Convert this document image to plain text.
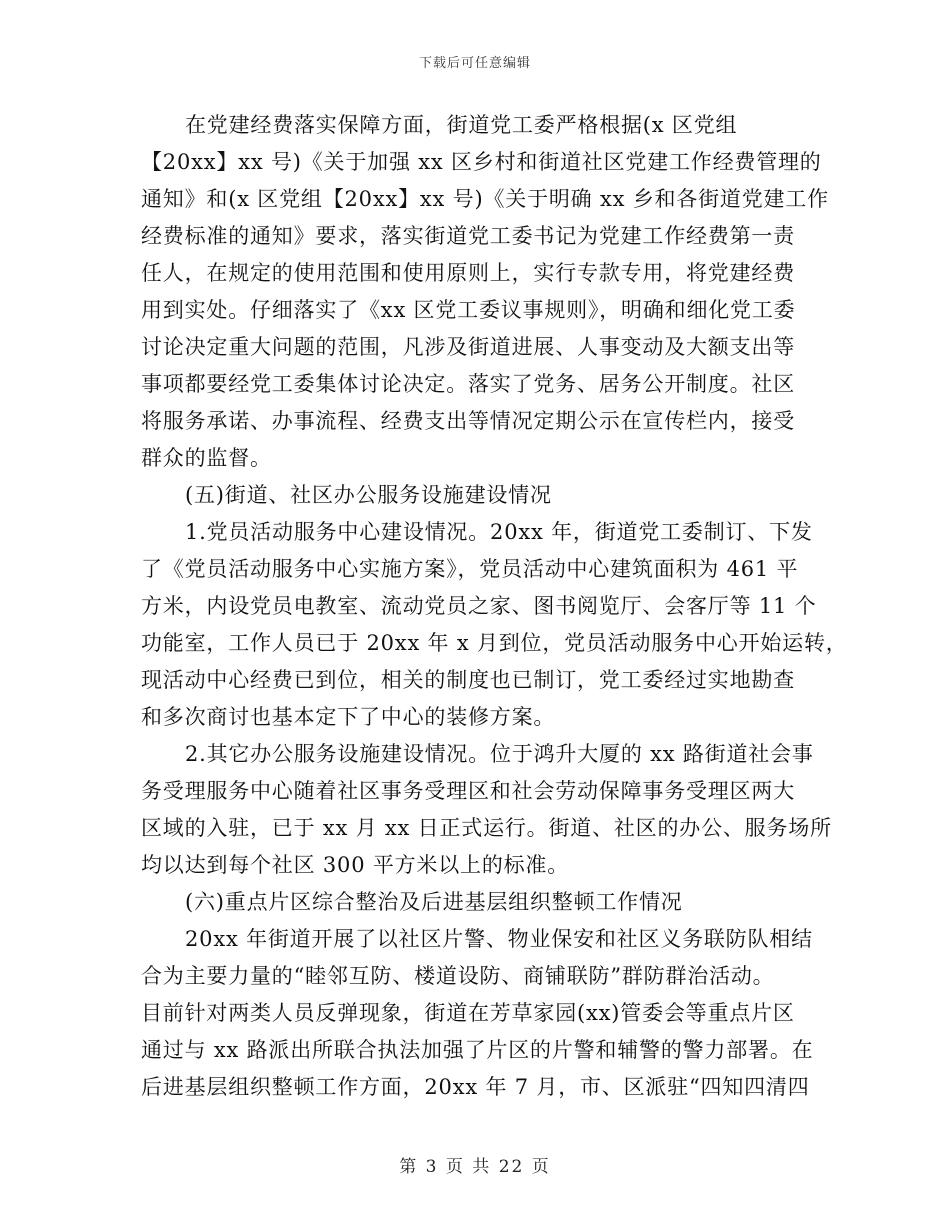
下载后可任意编辑
在党建经费落实保障方面，街道党工委严格根据(x 区党组
【20xx】xx 号)《关于加强 xx 区乡村和街道社区党建工作经费管理的
通知》和(x 区党组【20xx】xx 号)《关于明确 xx 乡和各街道党建工作
经费标准的通知》要求，落实街道党工委书记为党建工作经费第一责
任人，在规定的使用范围和使用原则上，实行专款专用，将党建经费
用到实处。仔细落实了《xx 区党工委议事规则》，明确和细化党工委
讨论决定重大问题的范围，凡涉及街道进展、人事变动及大额支出等
事项都要经党工委集体讨论决定。落实了党务、居务公开制度。社区
将服务承诺、办事流程、经费支出等情况定期公示在宣传栏内，接受
群众的监督。
(五)街道、社区办公服务设施建设情况
1.党员活动服务中心建设情况。20xx 年，街道党工委制订、下发
了《党员活动服务中心实施方案》，党员活动中心建筑面积为 461 平
方米，内设党员电教室、流动党员之家、图书阅览厅、会客厅等 11 个
功能室，工作人员已于 20xx 年 x 月到位，党员活动服务中心开始运转，
现活动中心经费已到位，相关的制度也已制订，党工委经过实地勘查
和多次商讨也基本定下了中心的装修方案。
2.其它办公服务设施建设情况。位于鸿升大厦的 xx 路街道社会事
务受理服务中心随着社区事务受理区和社会劳动保障事务受理区两大
区域的入驻，已于 xx 月 xx 日正式运行。街道、社区的办公、服务场所
均以达到每个社区 300 平方米以上的标准。
(六)重点片区综合整治及后进基层组织整顿工作情况
20xx 年街道开展了以社区片警、物业保安和社区义务联防队相结
合为主要力量的“睦邻互防、楼道设防、商铺联防”群防群治活动。
目前针对两类人员反弹现象，街道在芳草家园(xx)管委会等重点片区
通过与 xx 路派出所联合执法加强了片区的片警和辅警的警力部署。在
后进基层组织整顿工作方面，20xx 年 7 月，市、区派驻“四知四清四
第 3 页 共 22 页
